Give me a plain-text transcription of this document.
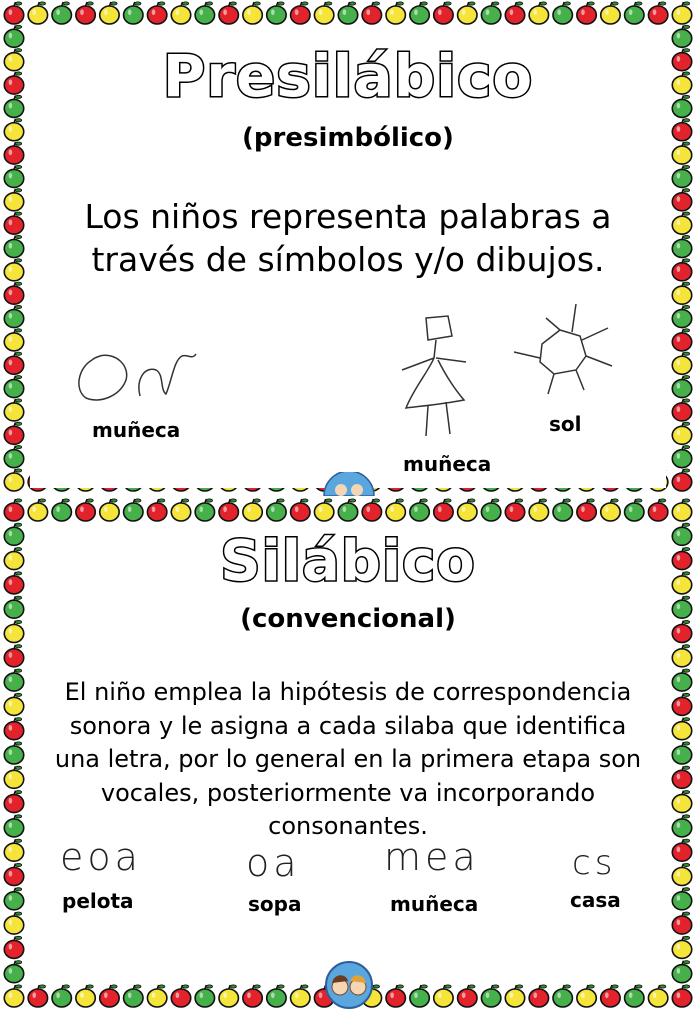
Presilábico
(presimbólico)
Los niños representa palabras a
través de símbolos y/o dibujos.
muñeca
muñeca
sol
Silábico
(convencional)
El niño emplea la hipótesis de correspondencia
sonora y le asigna a cada silaba que identifica
una letra, por lo general en la primera etapa son
vocales, posteriormente va incorporando
consonantes.
eoa	oa mea	cs
pelota	sopa	muñeca	casa
